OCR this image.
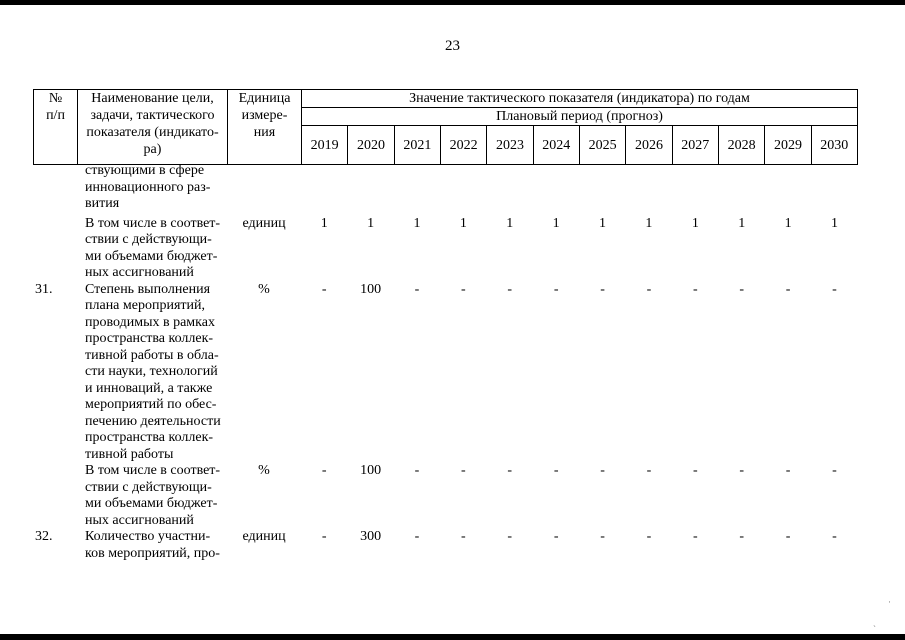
23
№
п/п	Наименование цели,
задачи, тактического
показателя (индикато-
ра)	Единица
измере-
ния	Значение тактического показателя (индикатора) по годам											
			Плановый период (прогноз)											
			2019	2020	2021	2022	2023	2024	2025	2026	2027	2028	2029	2030
ствующими в сфере
инновационного раз-
вития
В том числе в соответ-
ствии с действующи-
ми объемами бюджет-
ных ассигнований
единиц	1	1	1	1	1	1	1	1	1	1	1	1
31.	Степень выполнения
плана мероприятий,
проводимых в рамках
пространства коллек-
тивной работы в обла-
сти науки, технологий
и инноваций, а также
мероприятий по обес-
печению деятельности
пространства коллек-
тивной работы
%	-	100	-	-	-	-	-	-	-	-	-	-
В том числе в соответ-
ствии с действующи-
ми объемами бюджет-
ных ассигнований
%	-	100	-	-	-	-	-	-	-	-	-	-
32.	Количество участни-
ков мероприятий, про-
единиц	-	300	-	-	-	-	-	-	-	-	-	-
·
ˎ
